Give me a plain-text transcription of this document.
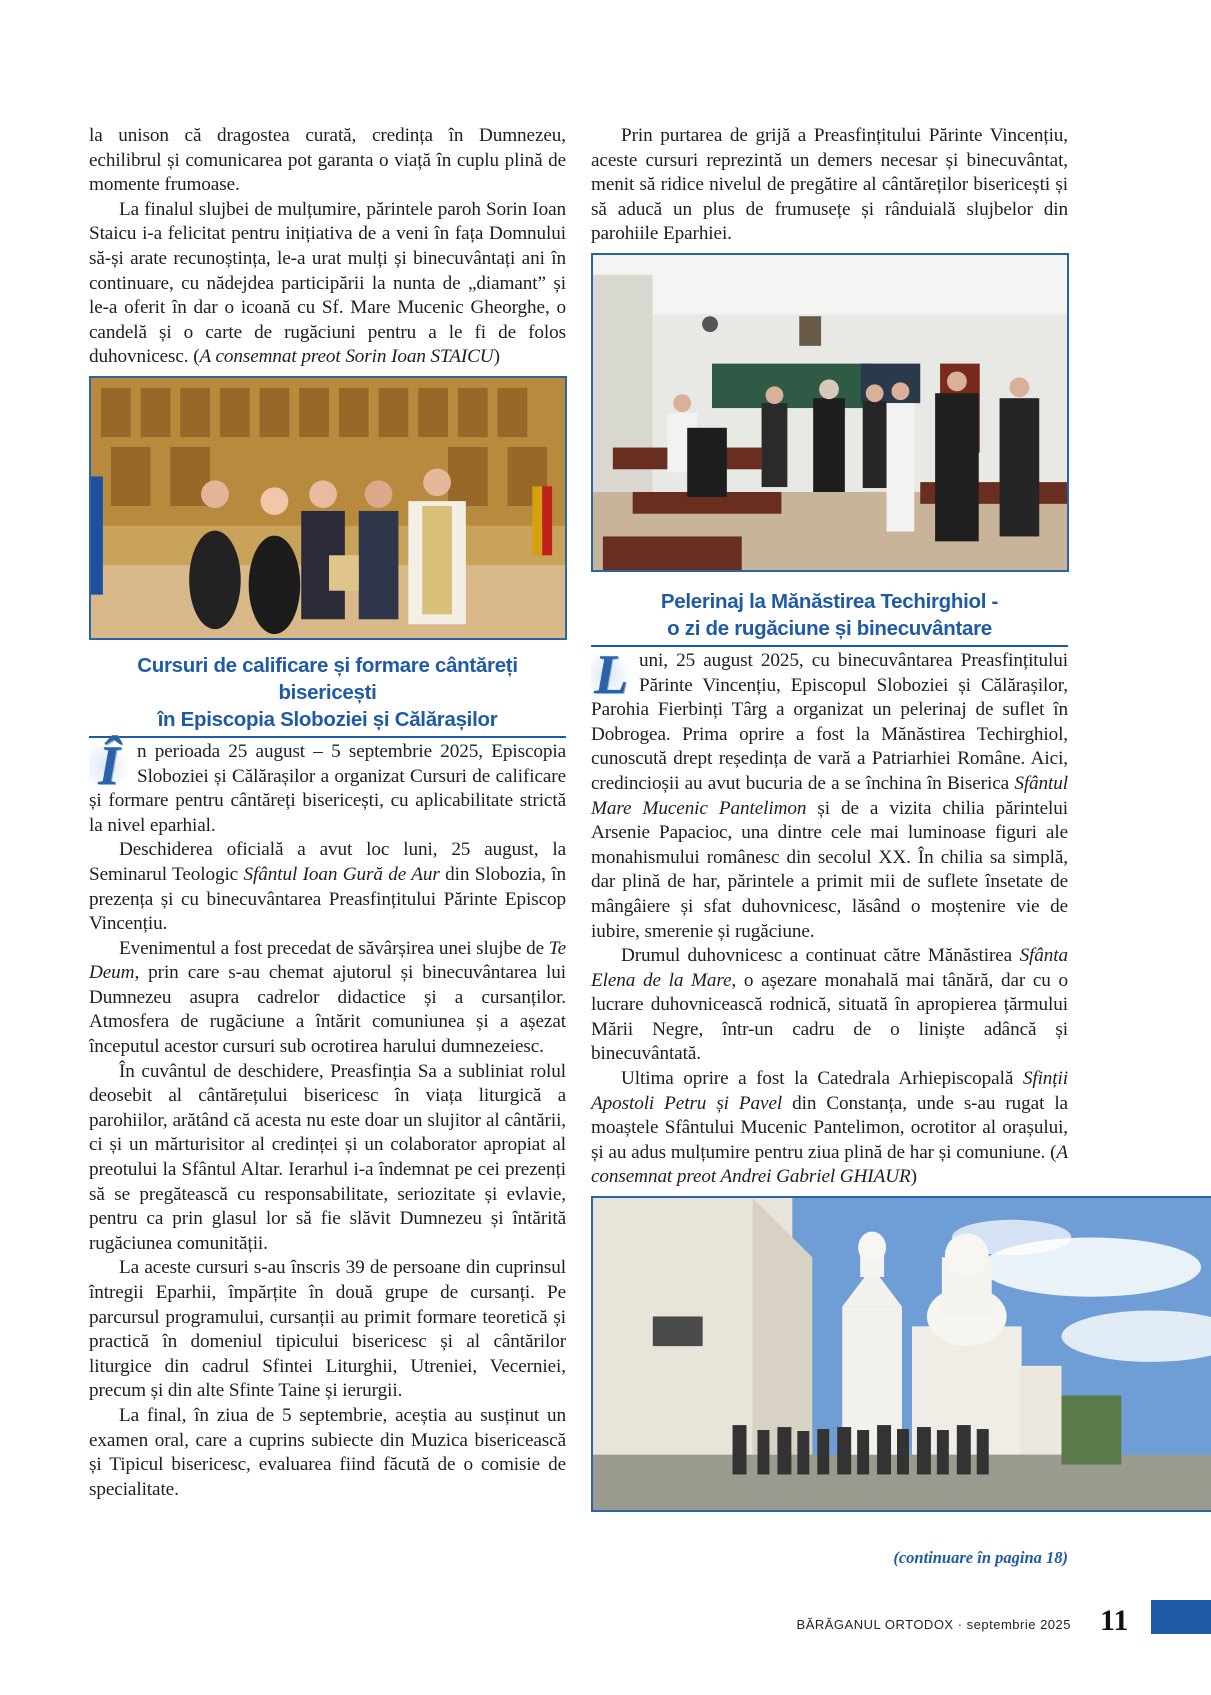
la unison că dragostea curată, credința în Dumnezeu, echilibrul și comunicarea pot garanta o viață în cuplu plină de momente frumoase.

La finalul slujbei de mulțumire, părintele paroh Sorin Ioan Staicu i-a felicitat pentru inițiativa de a veni în fața Domnului să-și arate recunoștința, le-a urat mulți și binecuvântați ani în continuare, cu nădejdea participării la nunta de „diamant” și le-a oferit în dar o icoană cu Sf. Mare Mucenic Gheorghe, o candelă și o carte de rugăciuni pentru a le fi de folos duhovnicesc. (A consemnat preot Sorin Ioan STAICU)

Cursuri de calificare și formare cântăreți bisericești
în Episcopia Sloboziei și Călărașilor

Î n perioada 25 august – 5 septembrie 2025, Episcopia Sloboziei și Călărașilor a organizat Cursuri de calificare și formare pentru cântăreți bisericești, cu aplicabilitate strictă la nivel eparhial.

Deschiderea oficială a avut loc luni, 25 august, la Seminarul Teologic Sfântul Ioan Gură de Aur din Slobozia, în prezența și cu binecuvântarea Preasfințitului Părinte Episcop Vincențiu.

Evenimentul a fost precedat de săvârșirea unei slujbe de Te Deum, prin care s-au chemat ajutorul și binecuvântarea lui Dumnezeu asupra cadrelor didactice și a cursanților. Atmosfera de rugăciune a întărit comuniunea și a așezat începutul acestor cursuri sub ocrotirea harului dumnezeiesc.

În cuvântul de deschidere, Preasfinția Sa a subliniat rolul deosebit al cântărețului bisericesc în viața liturgică a parohiilor, arătând că acesta nu este doar un slujitor al cântării, ci și un mărturisitor al credinței și un colaborator apropiat al preotului la Sfântul Altar. Ierarhul i-a îndemnat pe cei prezenți să se pregătească cu responsabilitate, seriozitate și evlavie, pentru ca prin glasul lor să fie slăvit Dumnezeu și întărită rugăciunea comunității.

La aceste cursuri s-au înscris 39 de persoane din cuprinsul întregii Eparhii, împărțite în două grupe de cursanți. Pe parcursul programului, cursanții au primit formare teoretică și practică în domeniul tipicului bisericesc și al cântărilor liturgice din cadrul Sfintei Liturghii, Utreniei, Vecerniei, precum și din alte Sfinte Taine și ierurgii.

La final, în ziua de 5 septembrie, aceștia au susținut un examen oral, care a cuprins subiecte din Muzica bisericească și Tipicul bisericesc, evaluarea fiind făcută de o comisie de specialitate.

Prin purtarea de grijă a Preasfințitului Părinte Vincențiu, aceste cursuri reprezintă un demers necesar și binecuvântat, menit să ridice nivelul de pregătire al cântăreților bisericești și să aducă un plus de frumusețe și rânduială slujbelor din parohiile Eparhiei.

Pelerinaj la Mănăstirea Techirghiol -
o zi de rugăciune și binecuvântare

L uni, 25 august 2025, cu binecuvântarea Preasfințitului Părinte Vincențiu, Episcopul Sloboziei și Călărașilor, Parohia Fierbinți Târg a organizat un pelerinaj de suflet în Dobrogea. Prima oprire a fost la Mănăstirea Techirghiol, cunoscută drept reședința de vară a Patriarhiei Române. Aici, credincioșii au avut bucuria de a se închina în Biserica Sfântul Mare Mucenic Pantelimon și de a vizita chilia părintelui Arsenie Papacioc, una dintre cele mai luminoase figuri ale monahismului românesc din secolul XX. În chilia sa simplă, dar plină de har, părintele a primit mii de suflete însetate de mângâiere și sfat duhovnicesc, lăsând o moștenire vie de iubire, smerenie și rugăciune.

Drumul duhovnicesc a continuat către Mănăstirea Sfânta Elena de la Mare, o așezare monahală mai tânără, dar cu o lucrare duhovnicească rodnică, situată în apropierea țărmului Mării Negre, într-un cadru de o liniște adâncă și binecuvântată.

Ultima oprire a fost la Catedrala Arhiepiscopală Sfinții Apostoli Petru și Pavel din Constanța, unde s-au rugat la moaștele Sfântului Mucenic Pantelimon, ocrotitor al orașului, și au adus mulțumire pentru ziua plină de har și comuniune. (A consemnat preot Andrei Gabriel GHIAUR)

(continuare în pagina 18)
BĂRĂGANUL ORTODOX · septembrie 2025 11
